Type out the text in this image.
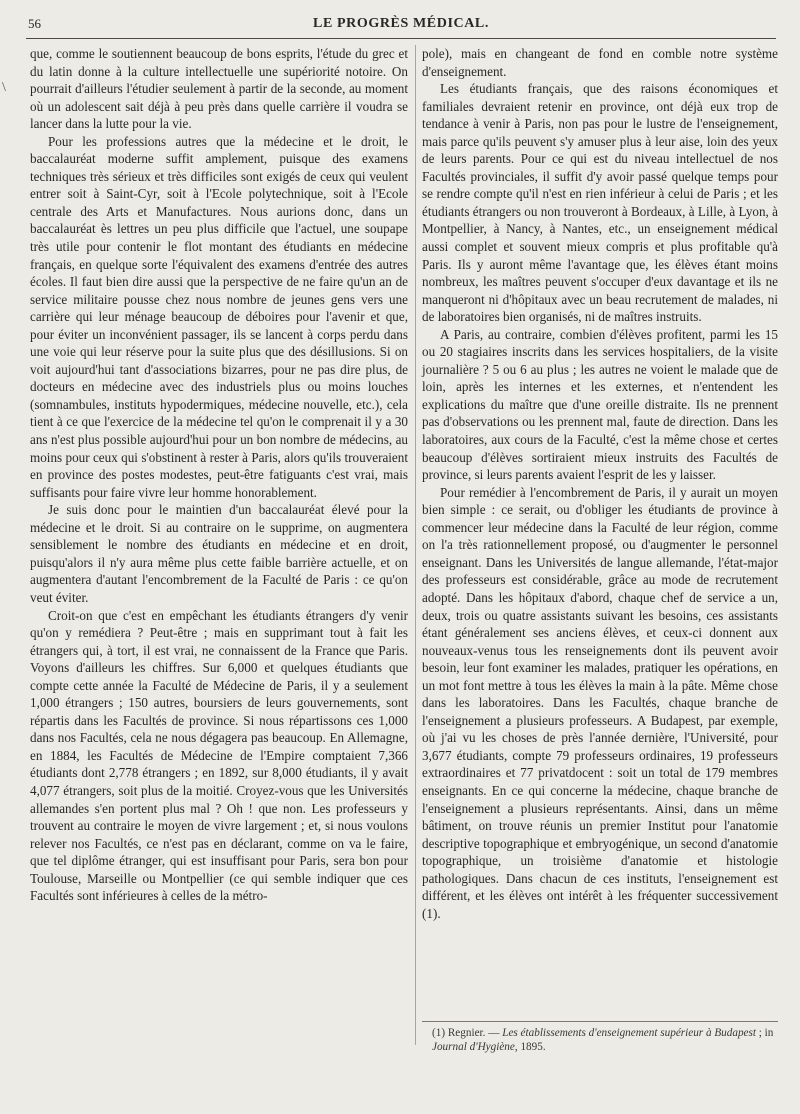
56	LE PROGRÈS MÉDICAL.
\

que, comme le soutiennent beaucoup de bons esprits, l'étude du grec et du latin donne à la culture intellectuelle une supériorité notoire. On pourrait d'ailleurs l'étudier seulement à partir de la seconde, au moment où un adolescent sait déjà à peu près dans quelle carrière il voudra se lancer dans la lutte pour la vie.

Pour les professions autres que la médecine et le droit, le baccalauréat moderne suffit amplement, puisque des examens techniques très sérieux et très difficiles sont exigés de ceux qui veulent entrer soit à Saint-Cyr, soit à l'Ecole polytechnique, soit à l'Ecole centrale des Arts et Manufactures. Nous aurions donc, dans un baccalauréat ès lettres un peu plus difficile que l'actuel, une soupape très utile pour contenir le flot montant des étudiants en médecine français, en quelque sorte l'équivalent des examens d'entrée des autres écoles. Il faut bien dire aussi que la perspective de ne faire qu'un an de service militaire pousse chez nous nombre de jeunes gens vers une carrière qui leur ménage beaucoup de déboires pour l'avenir et que, pour éviter un inconvénient passager, ils se lancent à corps perdu dans une voie qui leur réserve pour la suite plus que des désillusions. Si on voit aujourd'hui tant d'associations bizarres, pour ne pas dire plus, de docteurs en médecine avec des industriels plus ou moins louches (somnambules, instituts hypodermiques, médecine nouvelle, etc.), cela tient à ce que l'exercice de la médecine tel qu'on le comprenait il y a 30 ans n'est plus possible aujourd'hui pour un bon nombre de médecins, au moins pour ceux qui s'obstinent à rester à Paris, alors qu'ils trouveraient en province des postes modestes, peut-être fatiguants c'est vrai, mais suffisants pour faire vivre leur homme honorablement.

Je suis donc pour le maintien d'un baccalauréat élevé pour la médecine et le droit. Si au contraire on le supprime, on augmentera sensiblement le nombre des étudiants en médecine et en droit, puisqu'alors il n'y aura même plus cette faible barrière actuelle, et on augmentera d'autant l'encombrement de la Faculté de Paris : ce qu'on veut éviter.

Croit-on que c'est en empêchant les étudiants étrangers d'y venir qu'on y remédiera ? Peut-être ; mais en supprimant tout à fait les étrangers qui, à tort, il est vrai, ne connaissent de la France que Paris. Voyons d'ailleurs les chiffres. Sur 6,000 et quelques étudiants que compte cette année la Faculté de Médecine de Paris, il y a seulement 1,000 étrangers ; 150 autres, boursiers de leurs gouvernements, sont répartis dans les Facultés de province. Si nous répartissons ces 1,000 dans nos Facultés, cela ne nous dégagera pas beaucoup. En Allemagne, en 1884, les Facultés de Médecine de l'Empire comptaient 7,366 étudiants dont 2,778 étrangers ; en 1892, sur 8,000 étudiants, il y avait 4,077 étrangers, soit plus de la moitié. Croyez-vous que les Universités allemandes s'en portent plus mal ? Oh ! que non. Les professeurs y trouvent au contraire le moyen de vivre largement ; et, si nous voulons relever nos Facultés, ce n'est pas en déclarant, comme on va le faire, que tel diplôme étranger, qui est insuffisant pour Paris, sera bon pour Toulouse, Marseille ou Montpellier (ce qui semble indiquer que ces Facultés sont inférieures à celles de la métro-

pole), mais en changeant de fond en comble notre système d'enseignement.

Les étudiants français, que des raisons économiques et familiales devraient retenir en province, ont déjà eux trop de tendance à venir à Paris, non pas pour le lustre de l'enseignement, mais parce qu'ils peuvent s'y amuser plus à leur aise, loin des yeux de leurs parents. Pour ce qui est du niveau intellectuel de nos Facultés provinciales, il suffit d'y avoir passé quelque temps pour se rendre compte qu'il n'est en rien inférieur à celui de Paris ; et les étudiants étrangers ou non trouveront à Bordeaux, à Lille, à Lyon, à Montpellier, à Nancy, à Nantes, etc., un enseignement médical aussi complet et souvent mieux compris et plus profitable qu'à Paris. Ils y auront même l'avantage que, les élèves étant moins nombreux, les maîtres peuvent s'occuper d'eux davantage et ils ne manqueront ni d'hôpitaux avec un beau recrutement de malades, ni de laboratoires bien organisés, ni de maîtres instruits.

A Paris, au contraire, combien d'élèves profitent, parmi les 15 ou 20 stagiaires inscrits dans les services hospitaliers, de la visite journalière ? 5 ou 6 au plus ; les autres ne voient le malade que de loin, après les internes et les externes, et n'entendent les explications du maître que d'une oreille distraite. Ils ne prennent pas d'observations ou les prennent mal, faute de direction. Dans les laboratoires, aux cours de la Faculté, c'est la même chose et certes beaucoup d'élèves sortiraient mieux instruits des Facultés de province, si leurs parents avaient l'esprit de les y laisser.

Pour remédier à l'encombrement de Paris, il y aurait un moyen bien simple : ce serait, ou d'obliger les étudiants de province à commencer leur médecine dans la Faculté de leur région, comme on l'a très rationnellement proposé, ou d'augmenter le personnel enseignant. Dans les Universités de langue allemande, l'état-major des professeurs est considérable, grâce au mode de recrutement adopté. Dans les hôpitaux d'abord, chaque chef de service a un, deux, trois ou quatre assistants suivant les besoins, ces assistants étant généralement ses anciens élèves, et ceux-ci donnent aux nouveaux-venus tous les renseignements dont ils peuvent avoir besoin, leur font examiner les malades, pratiquer les opérations, en un mot font mettre à tous les élèves la main à la pâte. Même chose dans les laboratoires. Dans les Facultés, chaque branche de l'enseignement a plusieurs professeurs. A Budapest, par exemple, où j'ai vu les choses de près l'année dernière, l'Université, pour 3,677 étudiants, compte 79 professeurs ordinaires, 19 professeurs extraordinaires et 77 privatdocent : soit un total de 179 membres enseignants. En ce qui concerne la médecine, chaque branche de l'enseignement a plusieurs représentants. Ainsi, dans un même bâtiment, on trouve réunis un premier Institut pour l'anatomie descriptive topographique et embryogénique, un second d'anatomie topographique, un troisième d'anatomie et histologie pathologiques. Dans chacun de ces instituts, l'enseignement est différent, et les élèves ont intérêt à les fréquenter successivement (1).

(1) Regnier. — Les établissements d'enseignement supérieur à Budapest ; in Journal d'Hygiène, 1895.
